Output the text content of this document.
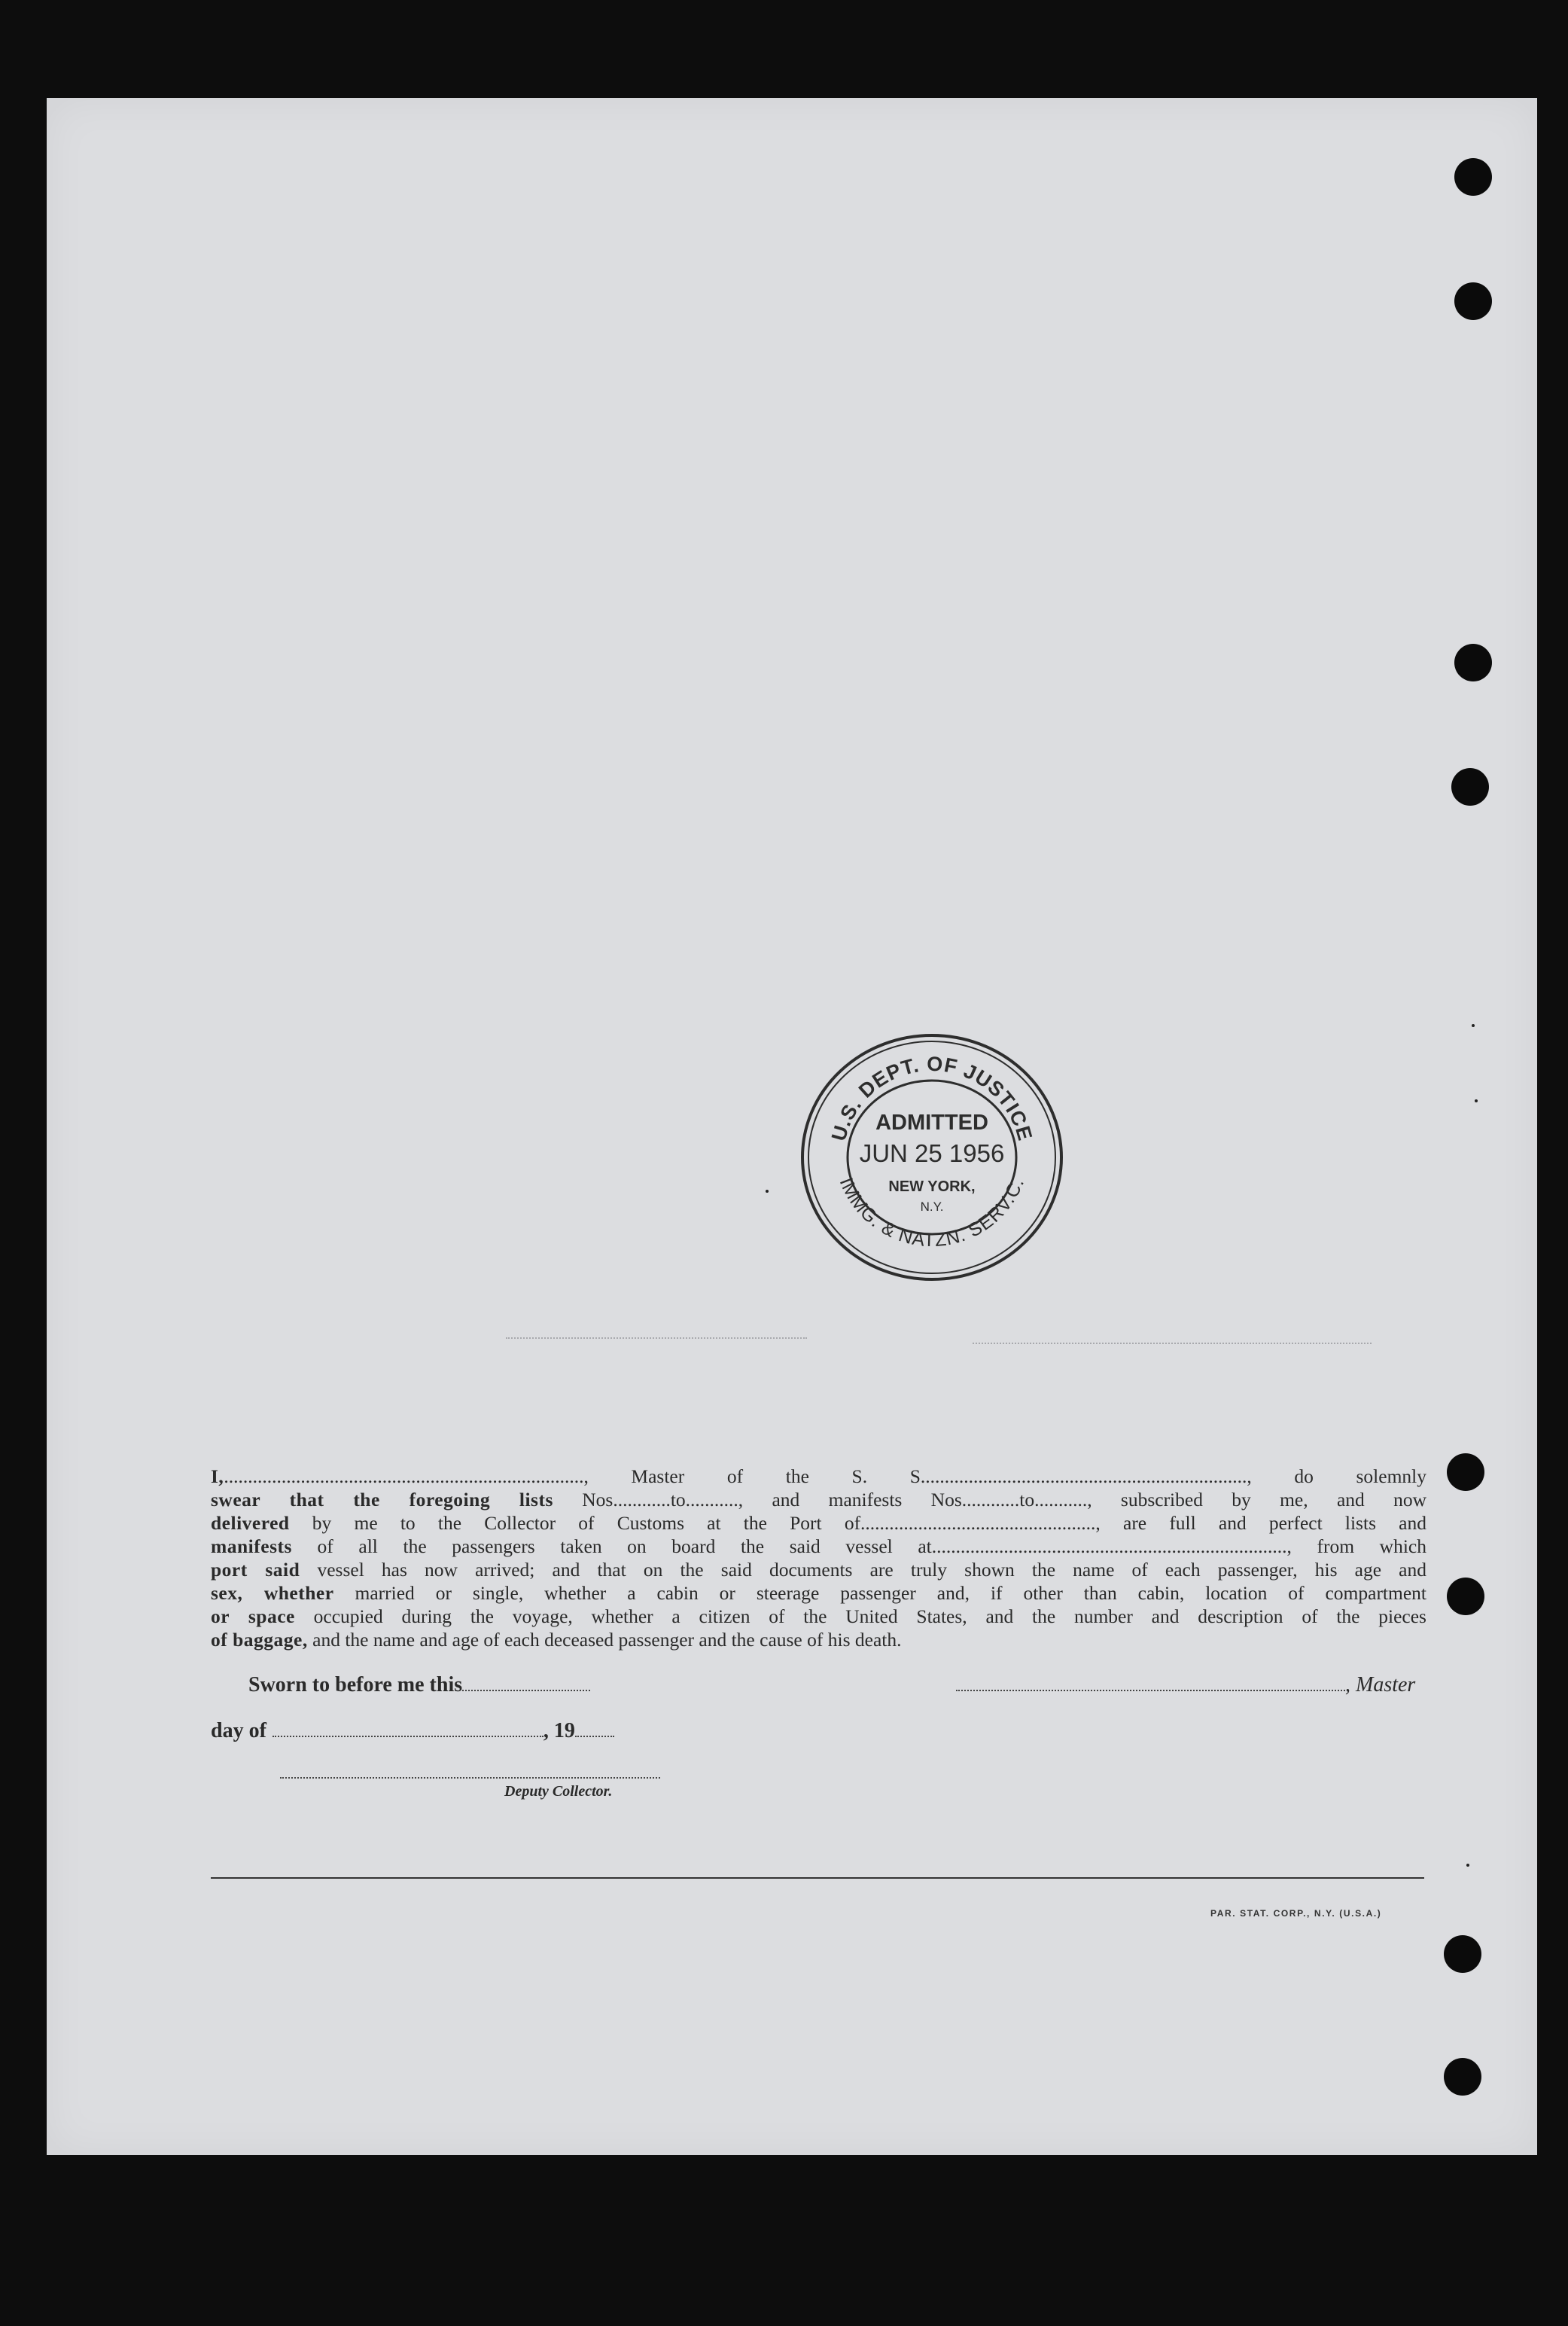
U.S. DEPT. OF JUSTICE
IMMG. & NATZN. SERV.C.
ADMITTED
JUN 25 1956
NEW YORK,
N.Y.
I,..........................................................................., Master of the S. S...................................................................., do solemnly
swear that the foregoing lists Nos............to..........., and manifests Nos............to..........., subscribed by me, and now
delivered by me to the Collector of Customs at the Port of................................................., are full and perfect lists and
manifests of all the passengers taken on board the said vessel at.........................................................................., from which
port said vessel has now arrived; and that on the said documents are truly shown the name of each passenger, his age and
sex, whether married or single, whether a cabin or steerage passenger and, if other than cabin, location of compartment
or space occupied during the voyage, whether a citizen of the United States, and the number and description of the pieces
of baggage, and the name and age of each deceased passenger and the cause of his death.
Sworn to before me this	, Master
day of	, 19
Deputy Collector.
PAR. STAT. CORP., N.Y. (U.S.A.)
